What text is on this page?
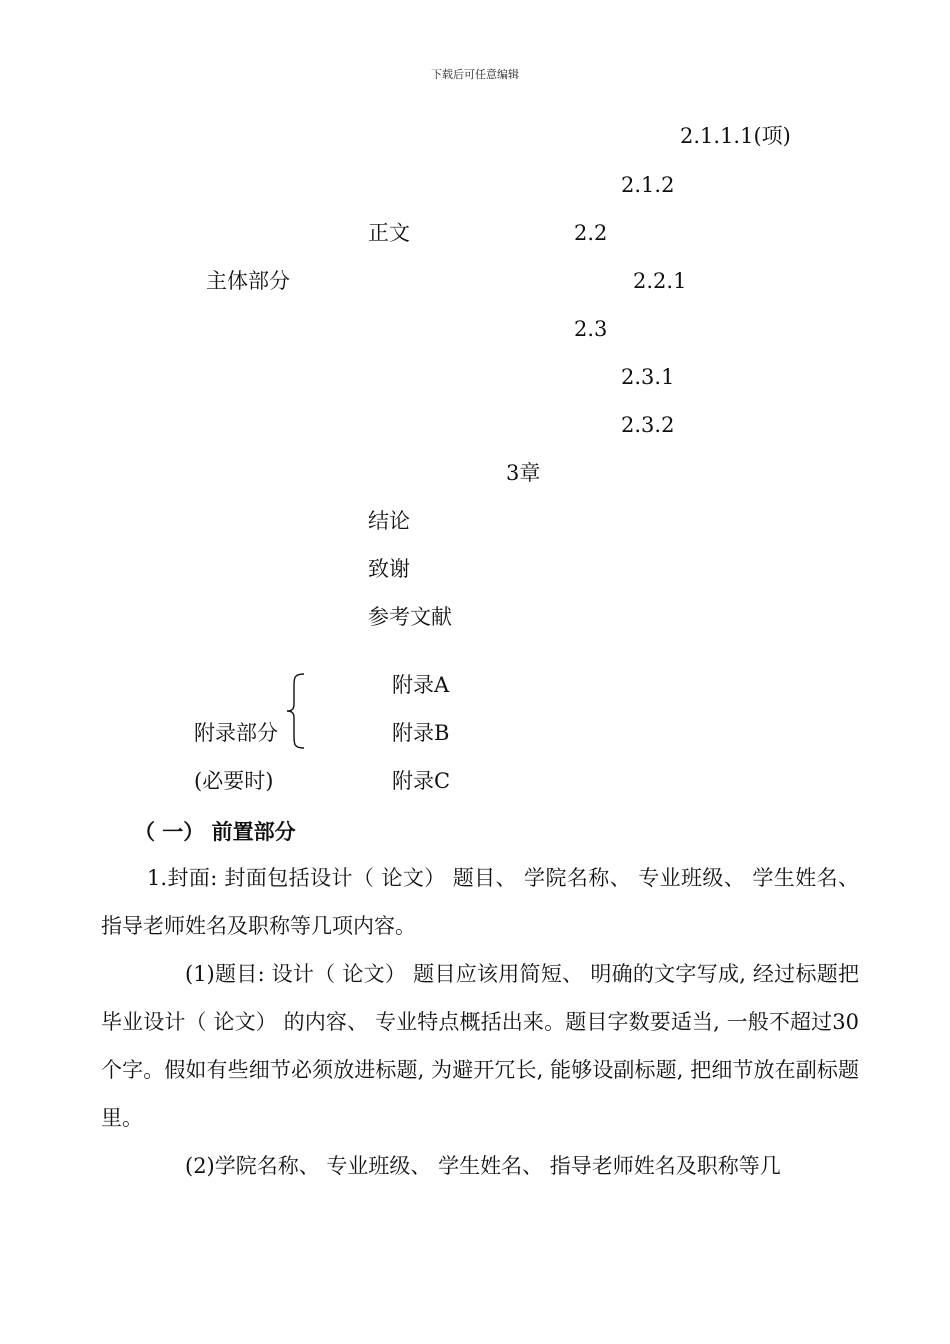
下载后可任意编辑
2.1.1.1(项)
2.1.2
正文	2.2
主体部分	2.2.1
2.3
2.3.1
2.3.2
3章
结论
致谢
参考文献
附录部分
(必要时)
附录A
附录B
附录C
（ 一） 前置部分
1.封面: 封面包括设计（ 论文） 题目、 学院名称、 专业班级、 学生姓名、 指导老师姓名及职称等几项内容。
(1)题目: 设计（ 论文） 题目应该用简短、 明确的文字写成, 经过标题把毕业设计（ 论文） 的内容、 专业特点概括出来。题目字数要适当, 一般不超过30个字。假如有些细节必须放进标题, 为避开冗长, 能够设副标题, 把细节放在副标题里。
(2)学院名称、 专业班级、 学生姓名、 指导老师姓名及职称等几
